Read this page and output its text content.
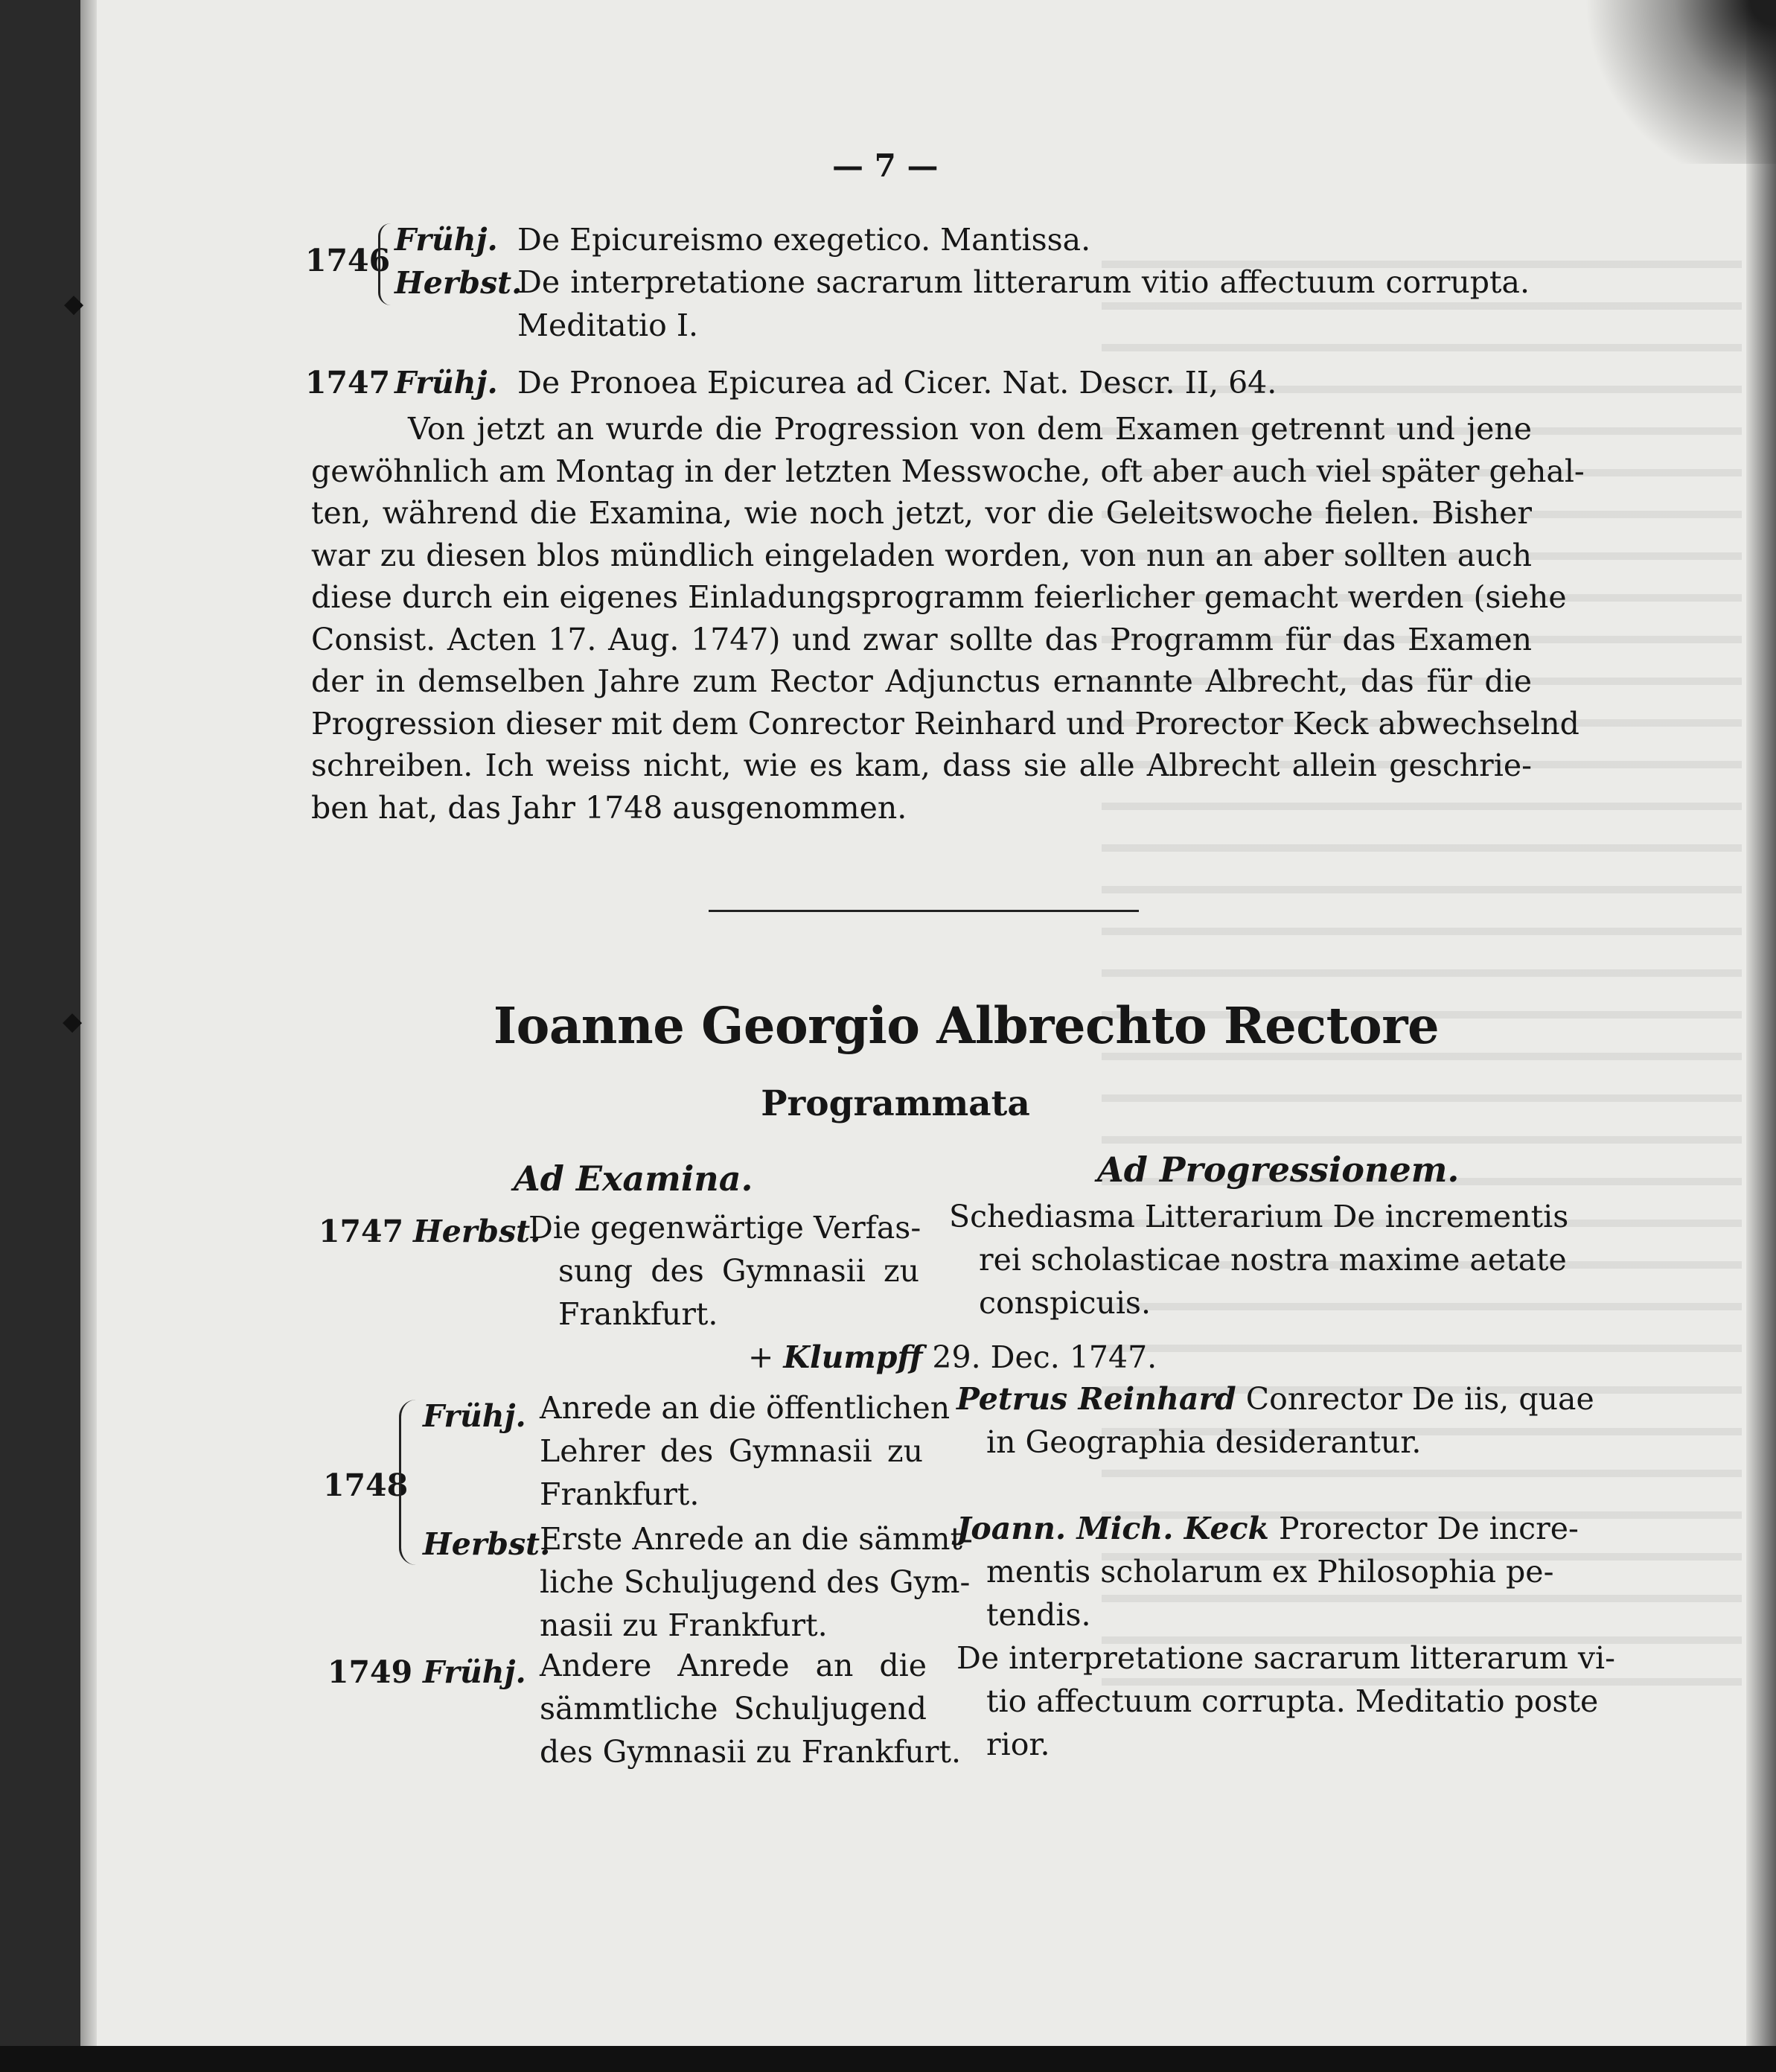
◆
◆
— 7 —
1746
Frühj. De Epicureismo exegetico. Mantissa.
Herbst.
De interpretatione sacrarum litterarum vitio affectuum corrupta.
Meditatio I.
1747 Frühj. De Pronoea Epicurea ad Cicer. Nat. Descr. II, 64.
Von jetzt an wurde die Progression von dem Examen getrennt und jene
gewöhnlich am Montag in der letzten Messwoche, oft aber auch viel später gehal-
ten, während die Examina, wie noch jetzt, vor die Geleitswoche fielen. Bisher
war zu diesen blos mündlich eingeladen worden, von nun an aber sollten auch
diese durch ein eigenes Einladungsprogramm feierlicher gemacht werden (siehe
Consist. Acten 17. Aug. 1747) und zwar sollte das Programm für das Examen
der in demselben Jahre zum Rector Adjunctus ernannte Albrecht, das für die
Progression dieser mit dem Conrector Reinhard und Prorector Keck abwechselnd
schreiben. Ich weiss nicht, wie es kam, dass sie alle Albrecht allein geschrie-
ben hat, das Jahr 1748 ausgenommen.
Ioanne Georgio Albrechto Rectore
Programmata
Ad Examina.	Ad Progressionem.
1747 Herbst.
Die gegenwärtige Verfas-
sung des Gymnasii zu
Frankfurt.
Schediasma Litterarium De incrementis
rei scholasticae nostra maxime aetate
conspicuis.
+ Klumpff 29. Dec. 1747.
1748
Frühj. Anrede an die öffentlichen
Lehrer des Gymnasii zu
Frankfurt.
Petrus Reinhard Conrector De iis, quae
in Geographia desiderantur.
Herbst.
Erste Anrede an die sämmt-
liche Schuljugend des Gym-
nasii zu Frankfurt.
Joann. Mich. Keck Prorector De incre-
mentis scholarum ex Philosophia pe-
tendis.
1749 Frühj. Andere Anrede an die
sämmtliche Schuljugend
des Gymnasii zu Frankfurt.
De interpretatione sacrarum litterarum vi-
tio affectuum corrupta. Meditatio poste
rior.
